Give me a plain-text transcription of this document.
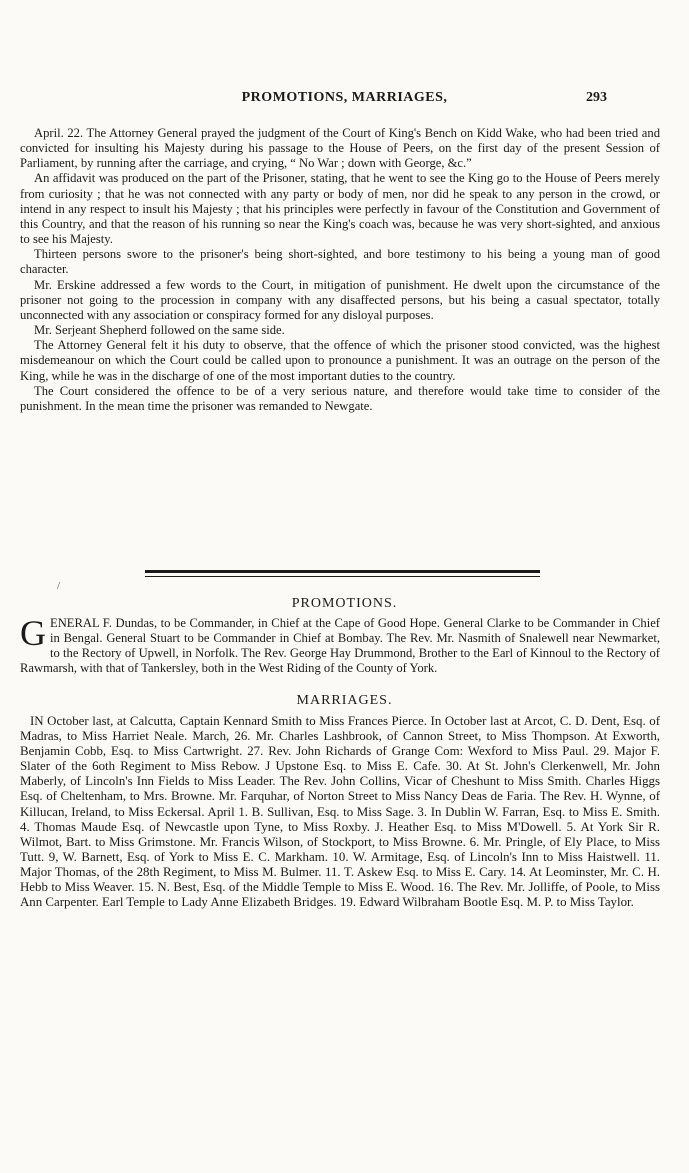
PROMOTIONS, MARRIAGES,	293

April. 22. The Attorney General prayed the judgment of the Court of King's Bench on Kidd Wake, who had been tried and convicted for insulting his Majesty during his passage to the House of Peers, on the first day of the present Session of Parliament, by running after the carriage, and crying, “ No War ; down with George, &c.”

An affidavit was produced on the part of the Prisoner, stating, that he went to see the King go to the House of Peers merely from curiosity ; that he was not connected with any party or body of men, nor did he speak to any person in the crowd, or intend in any respect to insult his Majesty ; that his principles were perfectly in favour of the Constitution and Government of this Country, and that the reason of his running so near the King's coach was, because he was very short-sighted, and anxious to see his Majesty.

Thirteen persons swore to the prisoner's being short-sighted, and bore testimony to his being a young man of good character.

Mr. Erskine addressed a few words to the Court, in mitigation of punishment. He dwelt upon the circumstance of the prisoner not going to the procession in company with any disaffected persons, but his being a casual spectator, totally unconnected with any association or conspiracy formed for any disloyal purposes.

Mr. Serjeant Shepherd followed on the same side.

The Attorney General felt it his duty to observe, that the offence of which the prisoner stood convicted, was the highest misdemeanour on which the Court could be called upon to pronounce a punishment. It was an outrage on the person of the King, while he was in the discharge of one of the most important duties to the country.

The Court considered the offence to be of a very serious nature, and therefore would take time to consider of the punishment. In the mean time the prisoner was remanded to Newgate.

/
PROMOTIONS.

GENERAL F. Dundas, to be Commander, in Chief at the Cape of Good Hope. General Clarke to be Commander in Chief in Bengal. General Stuart to be Commander in Chief at Bombay. The Rev. Mr. Nasmith of Snalewell near Newmarket, to the Rectory of Upwell, in Norfolk. The Rev. George Hay Drummond, Brother to the Earl of Kinnoul to the Rectory of Rawmarsh, with that of Tankersley, both in the West Riding of the County of York.

MARRIAGES.

IN October last, at Calcutta, Captain Kennard Smith to Miss Frances Pierce. In October last at Arcot, C. D. Dent, Esq. of Madras, to Miss Harriet Neale. March, 26. Mr. Charles Lashbrook, of Cannon Street, to Miss Thompson. At Exworth, Benjamin Cobb, Esq. to Miss Cartwright. 27. Rev. John Richards of Grange Com: Wexford to Miss Paul. 29. Major F. Slater of the 6oth Regiment to Miss Rebow. J Upstone Esq. to Miss E. Cafe. 30. At St. John's Clerkenwell, Mr. John Maberly, of Lincoln's Inn Fields to Miss Leader. The Rev. John Collins, Vicar of Cheshunt to Miss Smith. Charles Higgs Esq. of Cheltenham, to Mrs. Browne. Mr. Farquhar, of Norton Street to Miss Nancy Deas de Faria. The Rev. H. Wynne, of Killucan, Ireland, to Miss Eckersal. April 1. B. Sullivan, Esq. to Miss Sage. 3. In Dublin W. Farran, Esq. to Miss E. Smith. 4. Thomas Maude Esq. of Newcastle upon Tyne, to Miss Roxby. J. Heather Esq. to Miss M'Dowell. 5. At York Sir R. Wilmot, Bart. to Miss Grimstone. Mr. Francis Wilson, of Stockport, to Miss Browne. 6. Mr. Pringle, of Ely Place, to Miss Tutt. 9, W. Barnett, Esq. of York to Miss E. C. Markham. 10. W. Armitage, Esq. of Lincoln's Inn to Miss Haistwell. 11. Major Thomas, of the 28th Regiment, to Miss M. Bulmer. 11. T. Askew Esq. to Miss E. Cary. 14. At Leominster, Mr. C. H. Hebb to Miss Weaver. 15. N. Best, Esq. of the Middle Temple to Miss E. Wood. 16. The Rev. Mr. Jolliffe, of Poole, to Miss Ann Carpenter. Earl Temple to Lady Anne Elizabeth Bridges. 19. Edward Wilbraham Bootle Esq. M. P. to Miss Taylor.
